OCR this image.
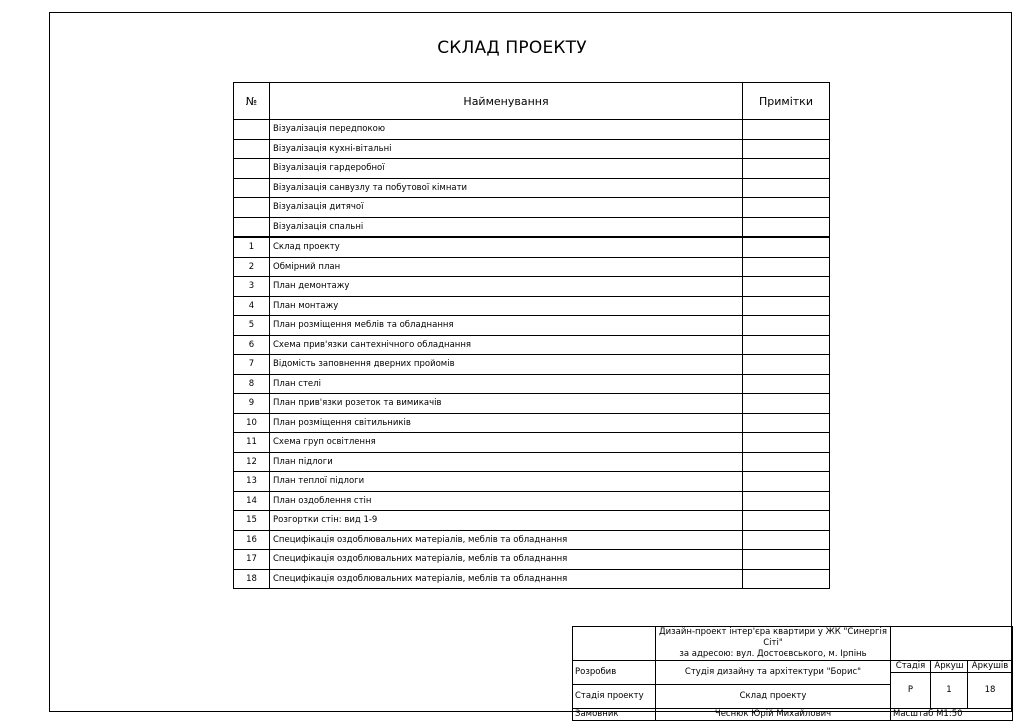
СКЛАД ПРОЕКТУ
№	Найменування	Примітки
	Візуалізація передпокою	
	Візуалізація кухні-вітальні	
	Візуалізація гардеробної	
	Візуалізація санвузлу та побутової кімнати	
	Візуалізація дитячої	
	Візуалізація спальні	
1	Склад проекту	
2	Обмірний план	
3	План демонтажу	
4	План монтажу	
5	План розміщення меблів та обладнання	
6	Схема прив'язки сантехнічного обладнання	
7	Відомість заповнення дверних пройомів	
8	План стелі	
9	План прив'язки розеток та вимикачів	
10	План розміщення світильників	
11	Схема груп освітлення	
12	План підлоги	
13	План теплої підлоги	
14	План оздоблення стін	
15	Розгортки стін: вид 1-9	
16	Специфікація оздоблювальних матеріалів, меблів та обладнання	
17	Специфікація оздоблювальних матеріалів, меблів та обладнання	
18	Специфікація оздоблювальних матеріалів, меблів та обладнання	

	Дизайн-проект інтер'єра квартири у ЖК "Синергія Сіті"
за адресою: вул. Достоєвського, м. Ірпінь			

Розробив	Студія дизайну та архітектури "Борис"	Стадія	Аркуш	Аркушів
		Р	1	18
Стадія проекту	Склад проекту			
Замовник	Чеснюк Юрій Михайлович	Масштаб М1:50		
